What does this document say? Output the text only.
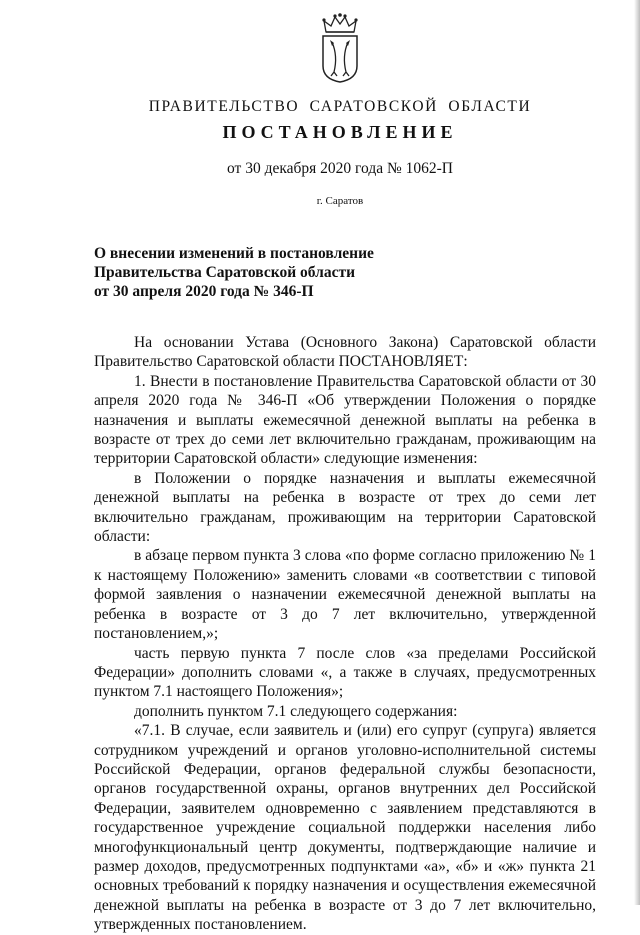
ПРАВИТЕЛЬСТВО САРАТОВСКОЙ ОБЛАСТИ
ПОСТАНОВЛЕНИЕ
от 30 декабря 2020 года № 1062-П
г. Саратов
О внесении изменений в постановление
Правительства Саратовской области
от 30 апреля 2020 года № 346-П

На основании Устава (Основного Закона) Саратовской области Правительство Саратовской области ПОСТАНОВЛЯЕТ:

1. Внести в постановление Правительства Саратовской области от 30 апреля 2020 года № 346-П «Об утверждении Положения о порядке назначения и выплаты ежемесячной денежной выплаты на ребенка в возрасте от трех до семи лет включительно гражданам, проживающим на территории Саратовской области» следующие изменения:

в Положении о порядке назначения и выплаты ежемесячной денежной выплаты на ребенка в возрасте от трех до семи лет включительно гражданам, проживающим на территории Саратовской области:

в абзаце первом пункта 3 слова «по форме согласно приложению № 1 к настоящему Положению» заменить словами «в соответствии с типовой формой заявления о назначении ежемесячной денежной выплаты на ребенка в возрасте от 3 до 7 лет включительно, утвержденной постановлением,»;

часть первую пункта 7 после слов «за пределами Российской Федерации» дополнить словами «, а также в случаях, предусмотренных пунктом 7.1 настоящего Положения»;

дополнить пунктом 7.1 следующего содержания:

«7.1. В случае, если заявитель и (или) его супруг (супруга) является сотрудником учреждений и органов уголовно-исполнительной системы Российской Федерации, органов федеральной службы безопасности, органов государственной охраны, органов внутренних дел Российской Федерации, заявителем одновременно с заявлением представляются в государственное учреждение социальной поддержки населения либо многофункциональный центр документы, подтверждающие наличие и размер доходов, предусмотренных подпунктами «а», «б» и «ж» пункта 21 основных требований к порядку назначения и осуществления ежемесячной денежной выплаты на ребенка в возрасте от 3 до 7 лет включительно, утвержденных постановлением.
